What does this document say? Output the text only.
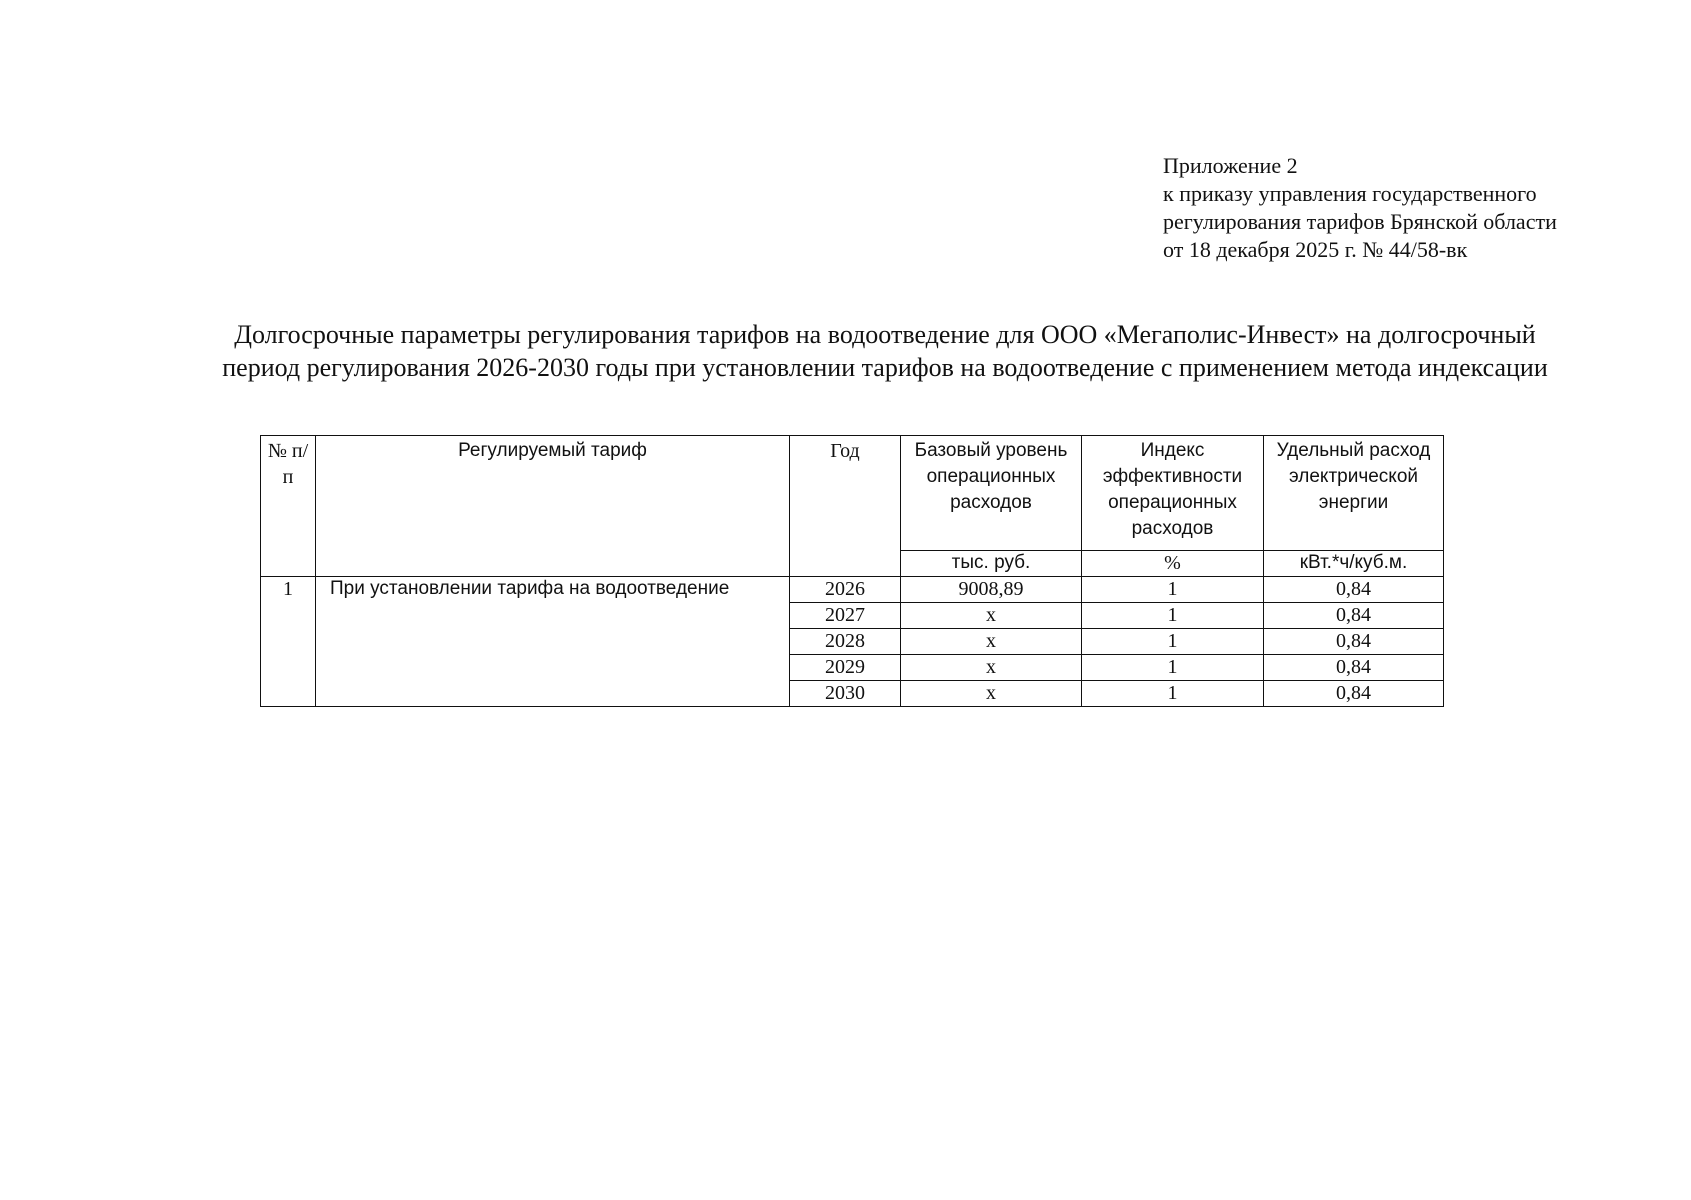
Приложение 2
к приказу управления государственного
регулирования тарифов Брянской области
от 18 декабря 2025 г. № 44/58-вк
Долгосрочные параметры регулирования тарифов на водоотведение для ООО «Мегаполис-Инвест» на долгосрочный
период регулирования 2026-2030 годы при установлении тарифов на водоотведение с применением метода индексации
№ п/п	Регулируемый тариф	Год	Базовый уровень операционных расходов	Индекс эффективности операционных расходов	Удельный расход электрической энергии
			тыс. руб.	%	кВт.*ч/куб.м.
1	При установлении тарифа на водоотведение	2026	9008,89	1	0,84
		2027	х	1	0,84
		2028	х	1	0,84
		2029	х	1	0,84
		2030	х	1	0,84
